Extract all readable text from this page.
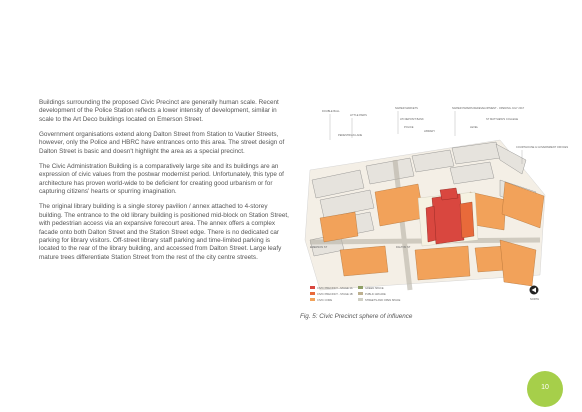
Buildings surrounding the proposed Civic Precinct are generally human scale. Recent development of the Police Station reflects a lower intensity of development, similar in scale to the Art Deco buildings located on Emerson Street.

Government organisations extend along Dalton Street from Station to Vautier Streets, however, only the Police and HBRC have entrances onto this area. The street design of Dalton Street is basic and doesn't highlight the area as a special precinct.

The Civic Administration Building is a comparatively large site and its buildings are an expression of civic values from the postwar modernist period. Unfortunately, this type of architecture has proven world-wide to be deficient for creating good urbanism or for capturing citizens' hearts or spurring imagination.

The original library building is a single storey pavilion / annex attached to 4-storey building. The entrance to the old library building is positioned mid-block on Station Street, with pedestrian access via an expansive forecourt area. The annex offers a complex facade onto both Dalton Street and the Station Street edge. There is no dedicated car parking for library visitors. Off-street library staff parking and time-limited parking is located to the rear of the library building, and accessed from Dalton Street. Large leafy mature trees differentiate Station Street from the rest of the city centre streets.

DOUBLE BALL
LITTLE PARIS
NAPIER MARKETS	NAPIER PAPERS REDEVELOPMENT - OPENING JULY 2017
ATI DEPOSIT BANK
POLICE
LIBRARY
LEVEL
ST MATTHEW'S COLLEGE
PEDESTRIAN LANE
COURTHOUSE & GOVERNMENT OFFICES
EMERSON ST	DALTON ST
CIVIC PRECINCT - STAGE 1A
CIVIC PRECINCT - STAGE 1B
CIVIC CORE
GREEN SPACE
PUBLIC ARCADE
STREETS AND OPEN SPACE	NORTH
Fig. 5: Civic Precinct sphere of influence
10
